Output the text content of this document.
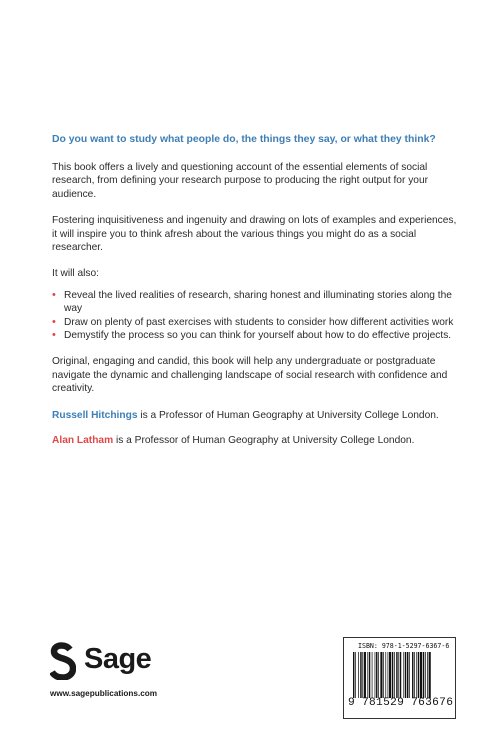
Do you want to study what people do, the things they say, or what they think?

This book offers a lively and questioning account of the essential elements of social research, from defining your research purpose to producing the right output for your audience.

Fostering inquisitiveness and ingenuity and drawing on lots of examples and experiences, it will inspire you to think afresh about the various things you might do as a social researcher.

It will also:

• Reveal the lived realities of research, sharing honest and illuminating stories along the way
• Draw on plenty of past exercises with students to consider how different activities work
• Demystify the process so you can think for yourself about how to do effective projects.

Original, engaging and candid, this book will help any undergraduate or postgraduate navigate the dynamic and challenging landscape of social research with confidence and creativity.

Russell Hitchings is a Professor of Human Geography at University College London.

Alan Latham is a Professor of Human Geography at University College London.

Sage
www.sagepublications.com
ISBN: 978-1-5297-6367-6
9 781529 763676
